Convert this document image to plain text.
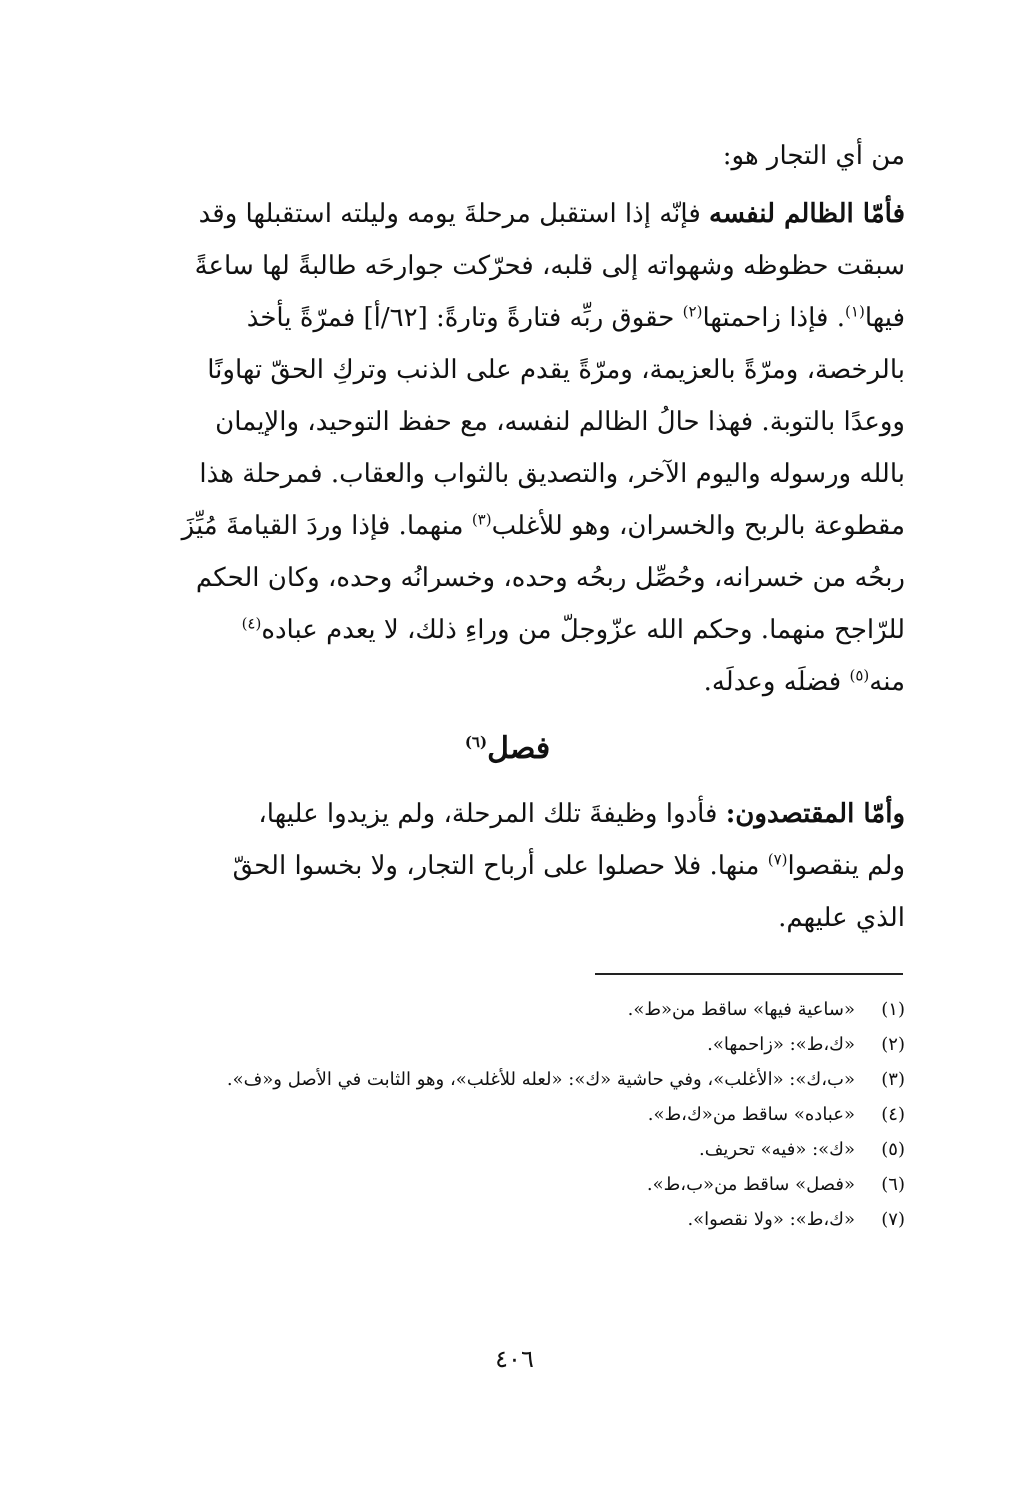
من أي التجار هو:
فأمّا الظالم لنفسه فإنّه إذا استقبل مرحلةَ يومه وليلته استقبلها وقد
سبقت حظوظه وشهواته إلى قلبه، فحرّكت جوارحَه طالبةً لها ساعةً
فيها$^{(١)}$. فإذا زاحمتها$^{(٢)}$ حقوق ربِّه فتارةً وتارةً: [٦٢/أ] فمرّةً يأخذ
بالرخصة، ومرّةً بالعزيمة، ومرّةً يقدم على الذنب وتركِ الحقّ تهاونًا
ووعدًا بالتوبة. فهذا حالُ الظالم لنفسه، مع حفظ التوحيد، والإيمان
بالله ورسوله واليوم الآخر، والتصديق بالثواب والعقاب. فمرحلة هذا
مقطوعة بالربح والخسران، وهو للأغلب$^{(٣)}$ منهما. فإذا وردَ القيامةَ مُيِّزَ
ربحُه من خسرانه، وحُصِّل ربحُه وحده، وخسرانُه وحده، وكان الحكم
للرّاجح منهما. وحكم الله عزّوجلّ من وراءِ ذلك، لا يعدم عباده$^{(٤)}$
منه$^{(٥)}$ فضلَه وعدلَه.
فصل$^{(٦)}$
وأمّا المقتصدون: فأدوا وظيفةَ تلك المرحلة، ولم يزيدوا عليها،
ولم ينقصوا$^{(٧)}$ منها. فلا حصلوا على أرباح التجار، ولا بخسوا الحقّ
الذي عليهم.
(١)
«ساعية فيها» ساقط من«ط».
(٢)
«ك،ط»: «زاحمها».
(٣)
«ب،ك»: «الأغلب»، وفي حاشية «ك»: «لعله للأغلب»، وهو الثابت في الأصل و«ف».
(٤)
«عباده» ساقط من«ك،ط».
(٥)
«ك»: «فيه» تحريف.
(٦)
«فصل» ساقط من«ب،ط».
(٧)
«ك،ط»: «ولا نقصوا».
٤٠٦
